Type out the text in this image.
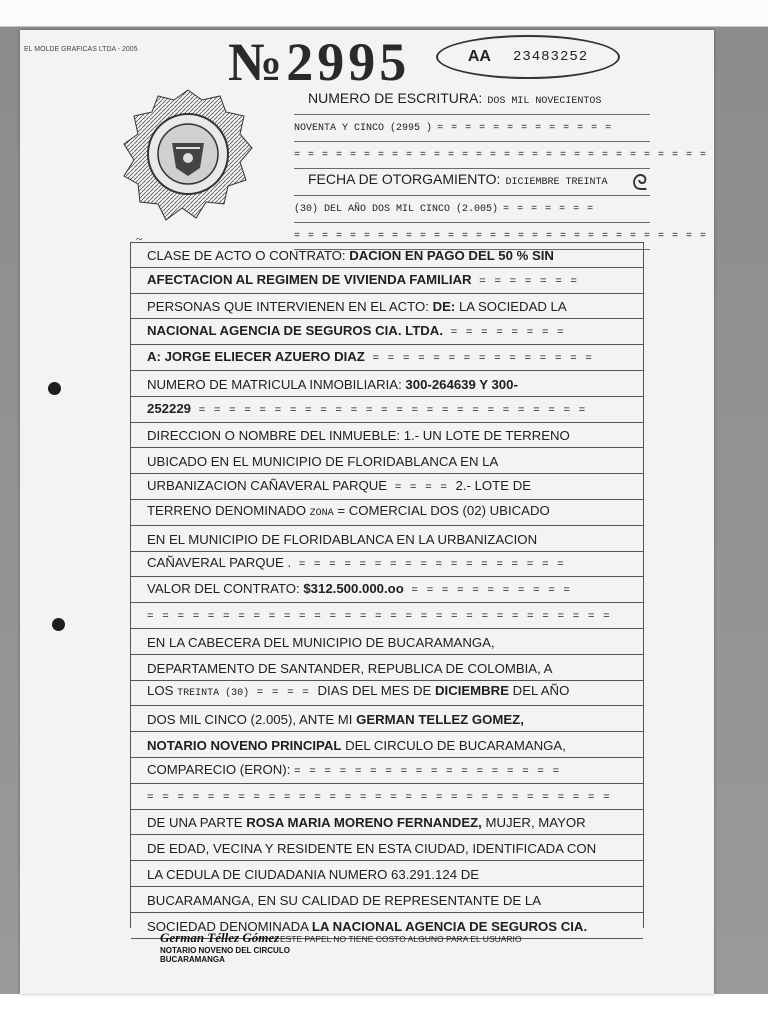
EL MOLDE GRAFICAS LTDA - 2005 №2995	AA 23483252
NUMERO DE ESCRITURA: DOS MIL NOVECIENTOS
NOVENTA Y CINCO (2995 ) = = = = = = = = = = = = =
= = = = = = = = = = = = = = = = = = = = = = = = = = = = = =
FECHA DE OTORGAMIENTO: DICIEMBRE TREINTA
(30) DEL AÑO DOS MIL CINCO (2.005) = = = = = = =
= = = = = = = = = = = = = = = = = = = = = = = = = = = = = =
ᘓ
~
CLASE DE ACTO O CONTRATO: DACION EN PAGO DEL 50 % SIN
AFECTACION AL REGIMEN DE VIVIENDA FAMILIAR = = = = = = =
PERSONAS QUE INTERVIENEN EN EL ACTO: DE: LA SOCIEDAD LA
NACIONAL AGENCIA DE SEGUROS CIA. LTDA. = = = = = = = =
A: JORGE ELIECER AZUERO DIAZ = = = = = = = = = = = = = = =
NUMERO DE MATRICULA INMOBILIARIA: 300-264639 Y 300-
252229 = = = = = = = = = = = = = = = = = = = = = = = = = =
DIRECCION O NOMBRE DEL INMUEBLE: 1.- UN LOTE DE TERRENO
UBICADO EN EL MUNICIPIO DE FLORIDABLANCA EN LA
URBANIZACION CAÑAVERAL PARQUE = = = = 2.- LOTE DE
TERRENO DENOMINADO ZONA = COMERCIAL DOS (02) UBICADO
EN EL MUNICIPIO DE FLORIDABLANCA EN LA URBANIZACION
CAÑAVERAL PARQUE . = = = = = = = = = = = = = = = = = =
VALOR DEL CONTRATO: $312.500.000.oo = = = = = = = = = = =
= = = = = = = = = = = = = = = = = = = = = = = = = = = = = = =
EN LA CABECERA DEL MUNICIPIO DE BUCARAMANGA,
DEPARTAMENTO DE SANTANDER, REPUBLICA DE COLOMBIA, A
LOS TREINTA (30) = = = = DIAS DEL MES DE DICIEMBRE DEL AÑO
DOS MIL CINCO (2.005), ANTE MI GERMAN TELLEZ GOMEZ,
NOTARIO NOVENO PRINCIPAL DEL CIRCULO DE BUCARAMANGA,
COMPARECIO (ERON): = = = = = = = = = = = = = = = = = =
= = = = = = = = = = = = = = = = = = = = = = = = = = = = = = =
DE UNA PARTE ROSA MARIA MORENO FERNANDEZ, MUJER, MAYOR
DE EDAD, VECINA Y RESIDENTE EN ESTA CIUDAD, IDENTIFICADA CON
LA CEDULA DE CIUDADANIA NUMERO 63.291.124 DE
BUCARAMANGA, EN SU CALIDAD DE REPRESENTANTE DE LA
SOCIEDAD DENOMINADA LA NACIONAL AGENCIA DE SEGUROS CIA.
German Téllez Gómez
NOTARIO NOVENO DEL CIRCULO
BUCARAMANGA
ESTE PAPEL NO TIENE COSTO ALGUNO PARA EL USUARIO
